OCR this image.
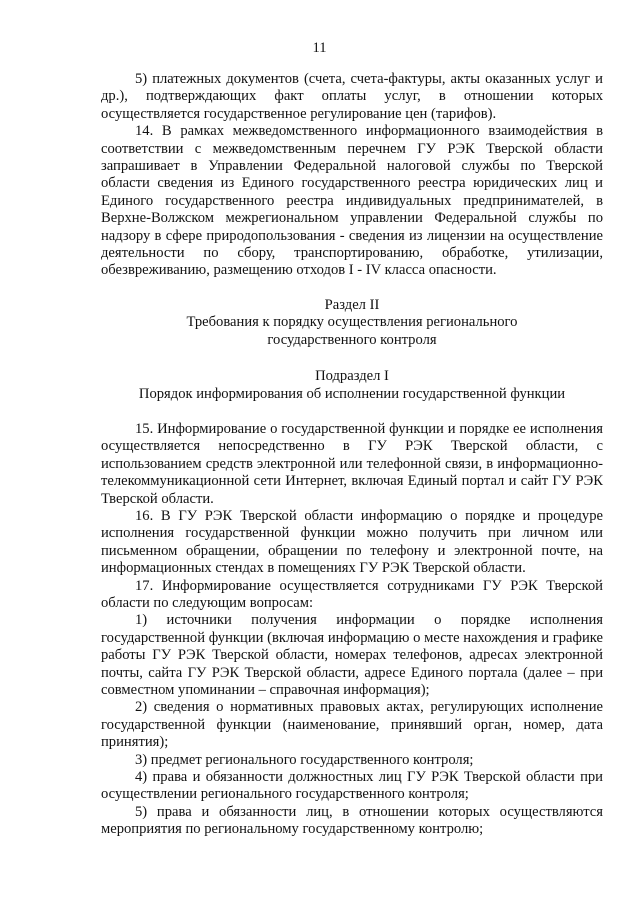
11

5) платежных документов (счета, счета-фактуры, акты оказанных услуг и др.), подтверждающих факт оплаты услуг, в отношении которых осуществляется государственное регулирование цен (тарифов).

14. В рамках межведомственного информационного взаимодействия в соответствии с межведомственным перечнем ГУ РЭК Тверской области запрашивает в Управлении Федеральной налоговой службы по Тверской области сведения из Единого государственного реестра юридических лиц и Единого государственного реестра индивидуальных предпринимателей, в Верхне-Волжском межрегиональном управлении Федеральной службы по надзору в сфере природопользования - сведения из лицензии на осуществление деятельности по сбору, транспортированию, обработке, утилизации, обезвреживанию, размещению отходов I - IV класса опасности.

Раздел II

Требования к порядку осуществления регионального

государственного контроля

Подраздел I

Порядок информирования об исполнении государственной функции

15. Информирование о государственной функции и порядке ее исполнения осуществляется непосредственно в ГУ РЭК Тверской области, с использованием средств электронной или телефонной связи, в информационно-телекоммуникационной сети Интернет, включая Единый портал и сайт ГУ РЭК Тверской области.

16. В ГУ РЭК Тверской области информацию о порядке и процедуре исполнения государственной функции можно получить при личном или письменном обращении, обращении по телефону и электронной почте, на информационных стендах в помещениях ГУ РЭК Тверской области.

17. Информирование осуществляется сотрудниками ГУ РЭК Тверской области по следующим вопросам:

1) источники получения информации о порядке исполнения государственной функции (включая информацию о месте нахождения и графике работы ГУ РЭК Тверской области, номерах телефонов, адресах электронной почты, сайта ГУ РЭК Тверской области, адресе Единого портала (далее – при совместном упоминании – справочная информация);

2) сведения о нормативных правовых актах, регулирующих исполнение государственной функции (наименование, принявший орган, номер, дата принятия);

3) предмет регионального государственного контроля;

4) права и обязанности должностных лиц ГУ РЭК Тверской области при осуществлении регионального государственного контроля;

5) права и обязанности лиц, в отношении которых осуществляются мероприятия по региональному государственному контролю;
